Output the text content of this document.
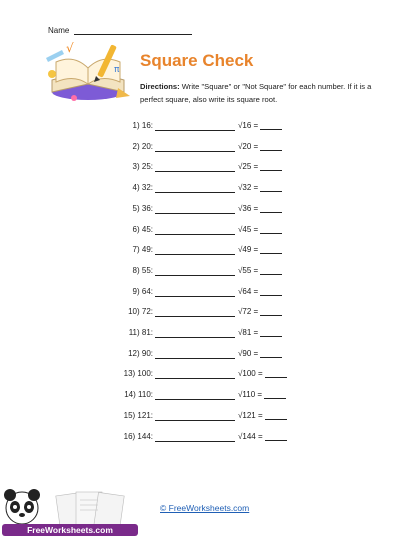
Name
√
π Square Check
Directions: Write "Square" or "Not Square" for each number. If it is a perfect square, also write its square root.
1) 16:	√16 =
2) 20:	√20 =
3) 25:	√25 =
4) 32:	√32 =
5) 36:	√36 =
6) 45:	√45 =
7) 49:	√49 =
8) 55:	√55 =
9) 64:	√64 =
10) 72:	√72 =
11) 81:	√81 =
12) 90:	√90 =
13) 100:	√100 =
14) 110:	√110 =
15) 121:	√121 =
16) 144:	√144 =
© FreeWorksheets.com
FreeWorksheets.com
